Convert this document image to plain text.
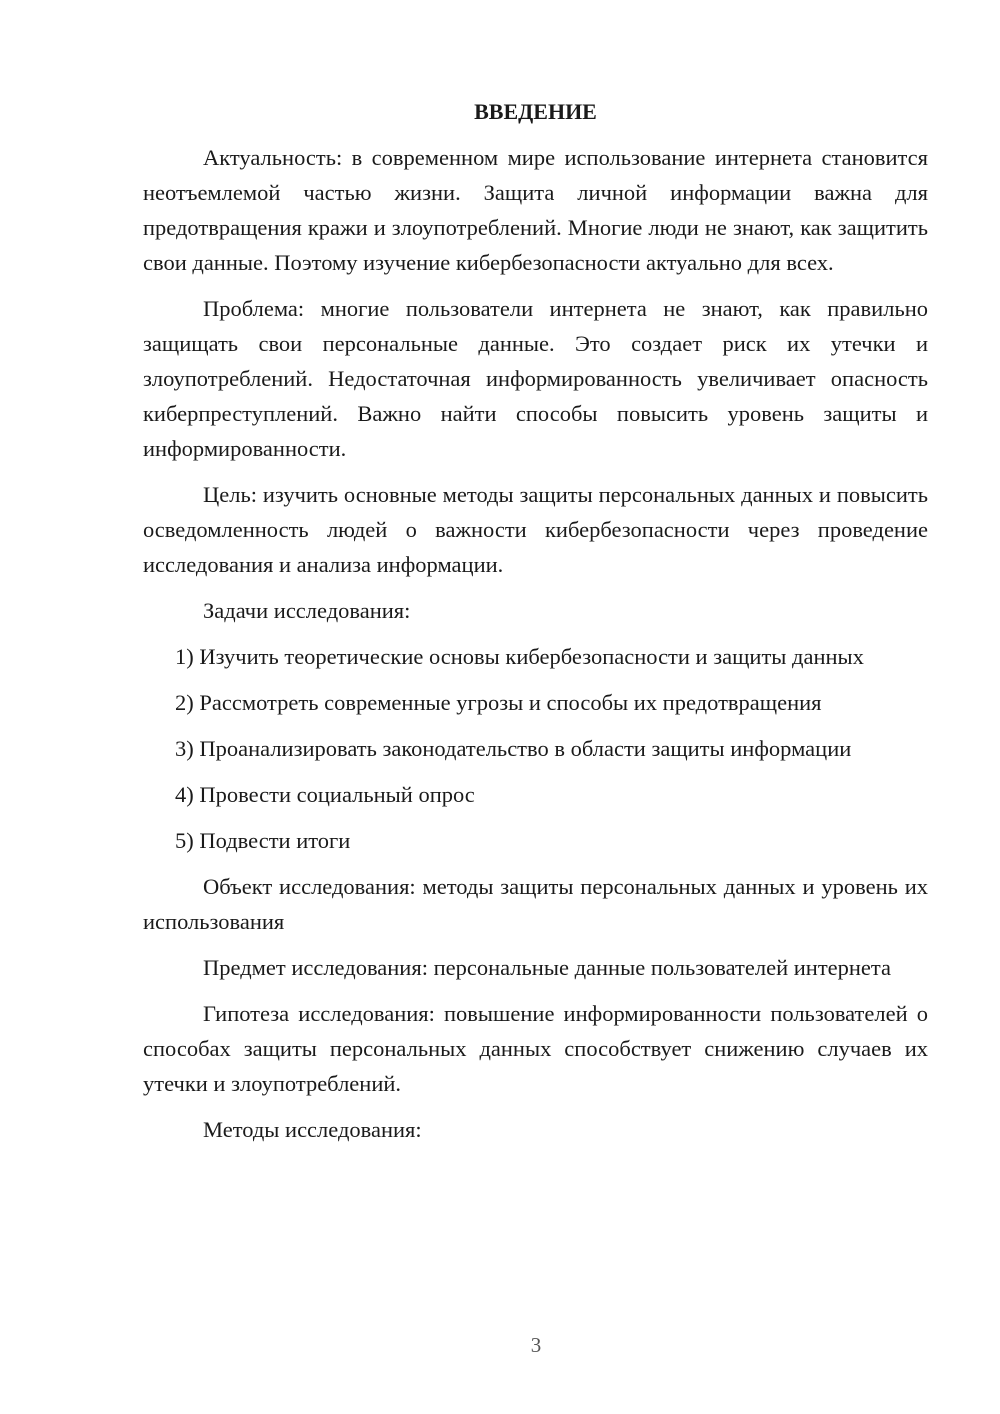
ВВЕДЕНИЕ

Актуальность: в современном мире использование интернета становится неотъемлемой частью жизни. Защита личной информации важна для предотвращения кражи и злоупотреблений. Многие люди не знают, как защитить свои данные. Поэтому изучение кибербезопасности актуально для всех.

Проблема: многие пользователи интернета не знают, как правильно защищать свои персональные данные. Это создает риск их утечки и злоупотреблений. Недостаточная информированность увеличивает опасность киберпреступлений. Важно найти способы повысить уровень защиты и информированности.

Цель: изучить основные методы защиты персональных данных и повысить осведомленность людей о важности кибербезопасности через проведение исследования и анализа информации.

Задачи исследования:

1) Изучить теоретические основы кибербезопасности и защиты данных

2) Рассмотреть современные угрозы и способы их предотвращения

3) Проанализировать законодательство в области защиты информации

4) Провести социальный опрос

5) Подвести итоги

Объект исследования: методы защиты персональных данных и уровень их использования

Предмет исследования: персональные данные пользователей интернета

Гипотеза исследования: повышение информированности пользователей о способах защиты персональных данных способствует снижению случаев их утечки и злоупотреблений.

Методы исследования:

3
